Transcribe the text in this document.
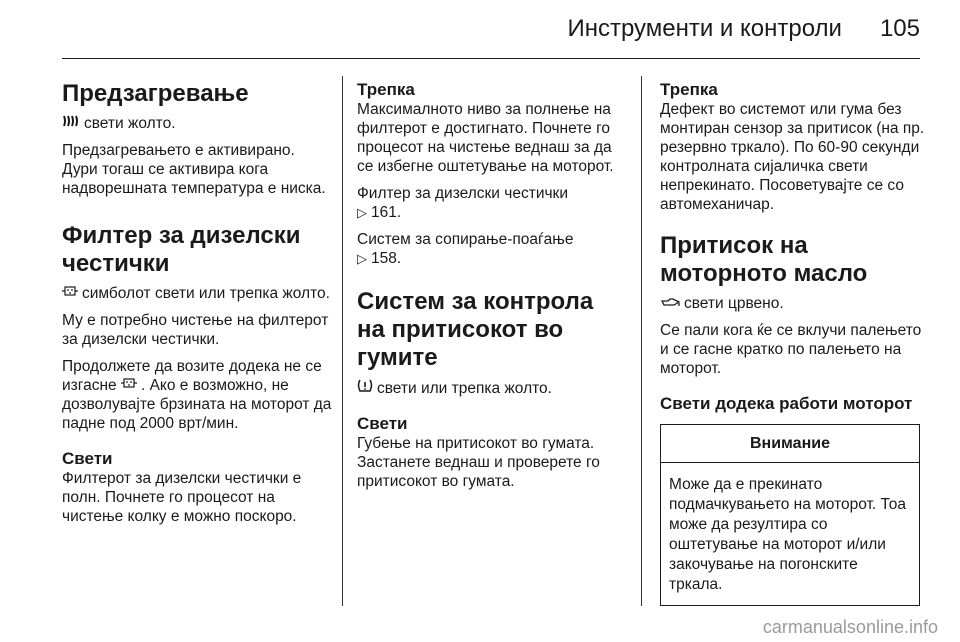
Инструменти и контроли 105
Предзагревање

свети жолто.

Предзагревањето е активирано. Дури тогаш се активира кога надворешната температура е ниска.

Филтер за дизелски честички

симболот свети или трепка жолто.

Му е потребно чистење на филтерот за дизелски честички.

Продолжете да возите додека не се изгасне . Ако е возможно, не дозволувајте брзината на моторот да падне под 2000 врт/мин.

Свети

Филтерот за дизелски честички е полн. Почнете го процесот на чистење колку е можно поскоро.

Трепка

Максималното ниво за полнење на филтерот е достигнато. Почнете го процесот на чистење веднаш за да се избегне оштетување на моторот.

Филтер за дизелски честички
▷ 161.

Систем за сопирање-поаѓање
▷ 158.

Систем за контрола на притисокот во гумите

свети или трепка жолто.

Свети

Губење на притисокот во гумата. Застанете веднаш и проверете го притисокот во гумата.

Трепка

Дефект во системот или гума без монтиран сензор за притисок (на пр. резервно тркало). По 60-90 секунди контролната сијаличка свети непрекинато. Посоветувајте се со автомеханичар.

Притисок на моторното масло

свети црвено.

Се пали кога ќе се вклучи палењето и се гасне кратко по палењето на моторот.

Свети додека работи моторот
Внимание
Може да е прекинато подмачкувањето на моторот. Тоа може да резултира со оштетување на моторот и/или закочување на погонските тркала.
carmanualsonline.info
